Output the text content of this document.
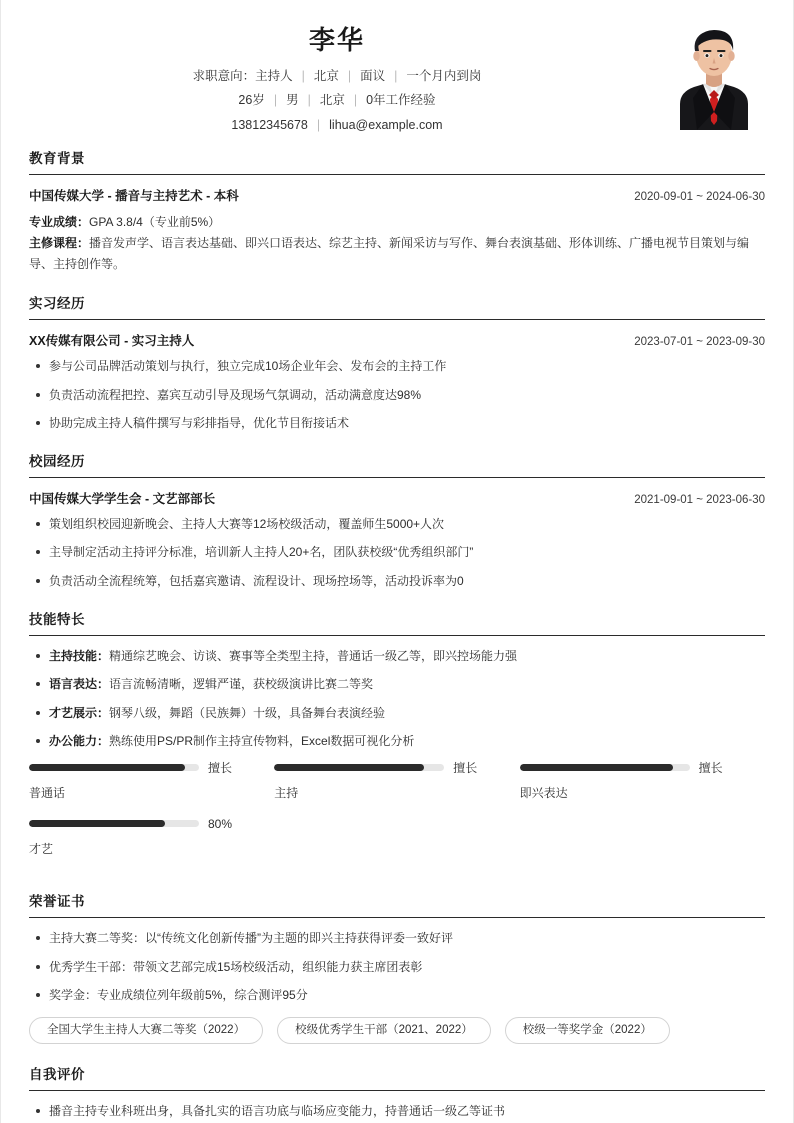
李华
求职意向：主持人 | 北京 | 面议 | 一个月内到岗
26岁 | 男 | 北京 | 0年工作经验
13812345678 | lihua@example.com
教育背景
中国传媒大学 - 播音与主持艺术 - 本科	2020-09-01 ~ 2024-06-30
专业成绩：GPA 3.8/4（专业前5%）
主修课程：播音发声学、语言表达基础、即兴口语表达、综艺主持、新闻采访与写作、舞台表演基础、形体训练、广播电视节目策划与编导、主持创作等。
实习经历
XX传媒有限公司 - 实习主持人	2023-07-01 ~ 2023-09-30
参与公司品牌活动策划与执行，独立完成10场企业年会、发布会的主持工作
负责活动流程把控、嘉宾互动引导及现场气氛调动，活动满意度达98%
协助完成主持人稿件撰写与彩排指导，优化节目衔接话术
校园经历
中国传媒大学学生会 - 文艺部部长	2021-09-01 ~ 2023-06-30
策划组织校园迎新晚会、主持人大赛等12场校级活动，覆盖师生5000+人次
主导制定活动主持评分标准，培训新人主持人20+名，团队获校级“优秀组织部门”
负责活动全流程统筹，包括嘉宾邀请、流程设计、现场控场等，活动投诉率为0
技能特长
主持技能：精通综艺晚会、访谈、赛事等全类型主持，普通话一级乙等，即兴控场能力强
语言表达：语言流畅清晰，逻辑严谨，获校级演讲比赛二等奖
才艺展示：钢琴八级，舞蹈（民族舞）十级，具备舞台表演经验
办公能力：熟练使用PS/PR制作主持宣传物料，Excel数据可视化分析
擅长
普通话
擅长
主持
擅长
即兴表达
80%
才艺
荣誉证书
主持大赛二等奖：以“传统文化创新传播”为主题的即兴主持获得评委一致好评
优秀学生干部：带领文艺部完成15场校级活动，组织能力获主席团表彰
奖学金：专业成绩位列年级前5%，综合测评95分
全国大学生主持人大赛二等奖（2022）	校级优秀学生干部（2021、2022）	校级一等奖学金（2022）
自我评价
播音主持专业科班出身，具备扎实的语言功底与临场应变能力，持普通话一级乙等证书
